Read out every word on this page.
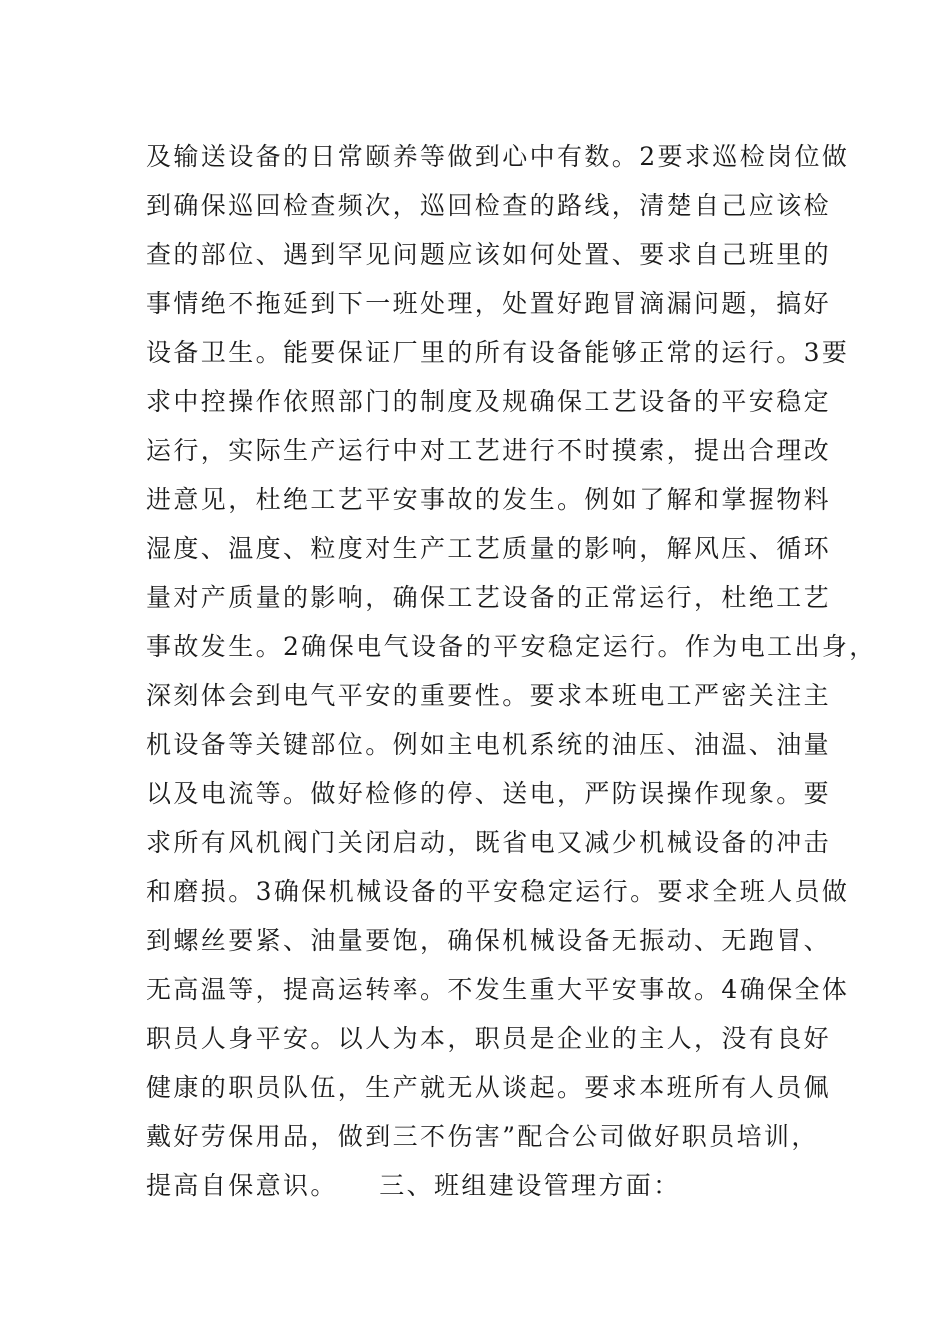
及输送设备的日常颐养等做到心中有数。2要求巡检岗位做
到确保巡回检查频次，巡回检查的路线，清楚自己应该检
查的部位、遇到罕见问题应该如何处置、要求自己班里的
事情绝不拖延到下一班处理，处置好跑冒滴漏问题，搞好
设备卫生。能要保证厂里的所有设备能够正常的运行。3要
求中控操作依照部门的制度及规确保工艺设备的平安稳定
运行，实际生产运行中对工艺进行不时摸索，提出合理改
进意见，杜绝工艺平安事故的发生。例如了解和掌握物料
湿度、温度、粒度对生产工艺质量的影响，解风压、循环
量对产质量的影响，确保工艺设备的正常运行，杜绝工艺
事故发生。2确保电气设备的平安稳定运行。作为电工出身，
深刻体会到电气平安的重要性。要求本班电工严密关注主
机设备等关键部位。例如主电机系统的油压、油温、油量
以及电流等。做好检修的停、送电，严防误操作现象。要
求所有风机阀门关闭启动，既省电又减少机械设备的冲击
和磨损。3确保机械设备的平安稳定运行。要求全班人员做
到螺丝要紧、油量要饱，确保机械设备无振动、无跑冒、
无高温等，提高运转率。不发生重大平安事故。4确保全体
职员人身平安。以人为本，职员是企业的主人，没有良好
健康的职员队伍，生产就无从谈起。要求本班所有人员佩
戴好劳保用品，做到三不伤害”配合公司做好职员培训，
提高自保意识。    三、班组建设管理方面：
